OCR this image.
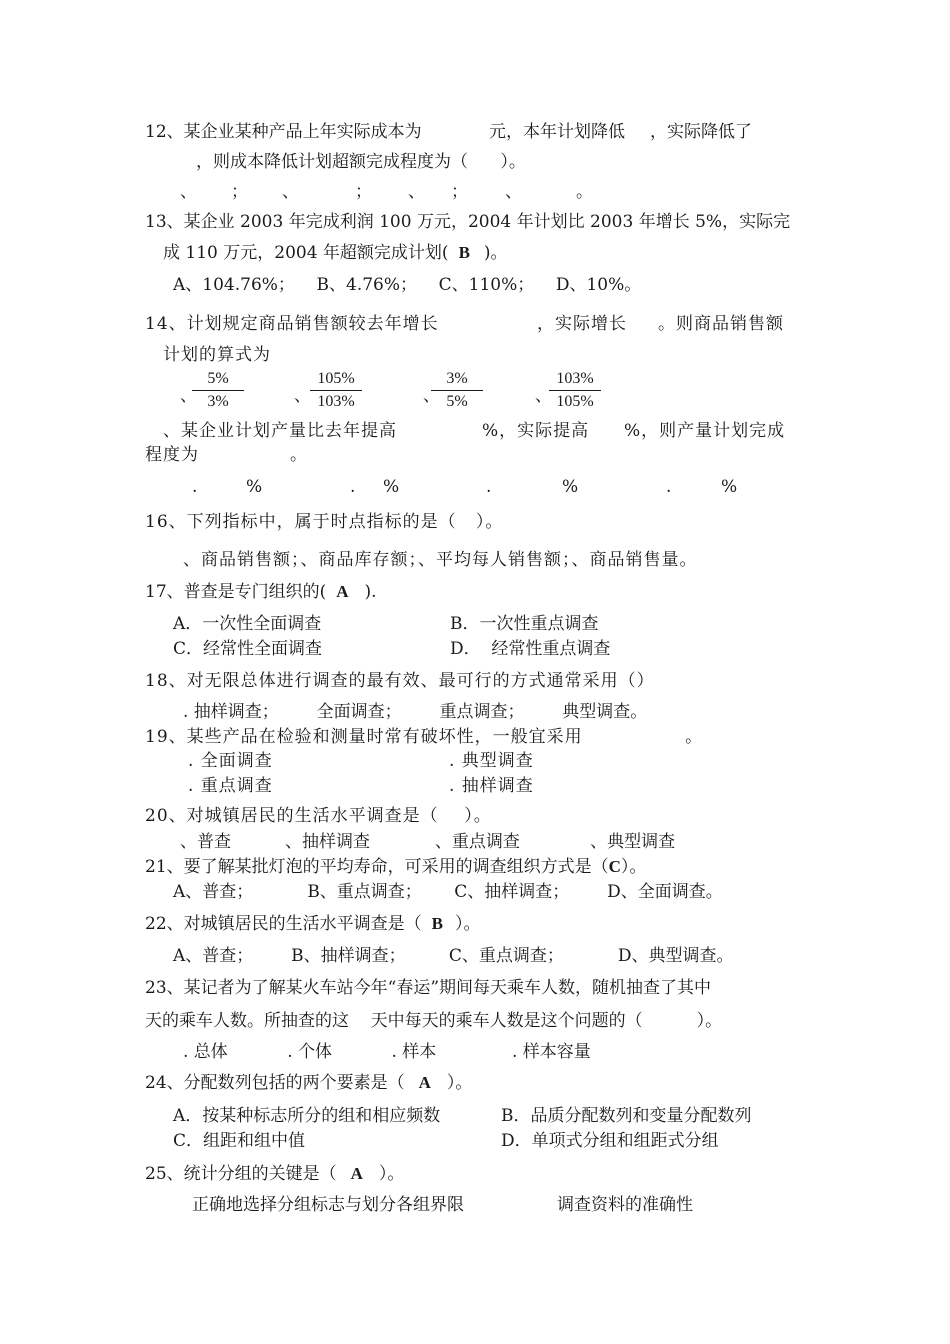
12、某企业某种产品上年实际成本为	元，本年计划降低 ，实际降低了
，则成本降低计划超额完成程度为（      ）。
、 ； 、	； 、 ； 、	。
13、某企业 2003 年完成利润 100 万元，2004 年计划比 2003 年增长 5%，实际完
成 110 万元，2004 年超额完成计划( B )。
A、104.76%；    B、4.76%；    C、110%；    D、10%。
14、计划规定商品销售额较去年增长	，实际增长 。则商品销售额
计划的算式为
、
$\frac{5\%}{3\%}$	、 $\frac{105\%}{103\%}$	、
$\frac{3\%}{5\%}$	、
$\frac{103\%}{105\%}$
、某企业计划产量比去年提高	%，实际提高 %，则产量计划完成
程度为	。
.	%	. %	.	%	.	%
16、下列指标中，属于时点指标的是（   ）。
、商品销售额；、商品库存额；、平均每人销售额；、商品销售量。
17、普查是专门组织的( A ).
A．一次性全面调查	B．一次性重点调查
C．经常性全面调查	D．  经常性重点调查
18、对无限总体进行调查的最有效、最可行的方式通常采用（）
. 抽样调查；       全面调查；       重点调查；       典型调查。
19、某些产品在检验和测量时常有破坏性，一般宜采用                。
. 全面调查	. 典型调查
. 重点调查	. 抽样调查
20、对城镇居民的生活水平调查是（    ）。
、普查          、抽样调查            、重点调查             、典型调查
21、要了解某批灯泡的平均寿命，可采用的调查组织方式是（C）。
A、普查；          B、重点调查；      C、抽样调查；       D、全面调查。
22、对城镇居民的生活水平调查是（ B ）。
A、普查；       B、抽样调查；        C、重点调查；          D、典型调查。
23、某记者为了解某火车站今年“春运”期间每天乘车人数，随机抽查了其中
天的乘车人数。所抽查的这    天中每天的乘车人数是这个问题的（          ）。
. 总体           . 个体           . 样本              . 样本容量
24、分配数列包括的两个要素是（ A ）。
A．按某种标志所分的组和相应频数	B．品质分配数列和变量分配数列
C．组距和组中值	D．单项式分组和组距式分组
25、统计分组的关键是（ A ）。
正确地选择分组标志与划分各组界限	调查资料的准确性
